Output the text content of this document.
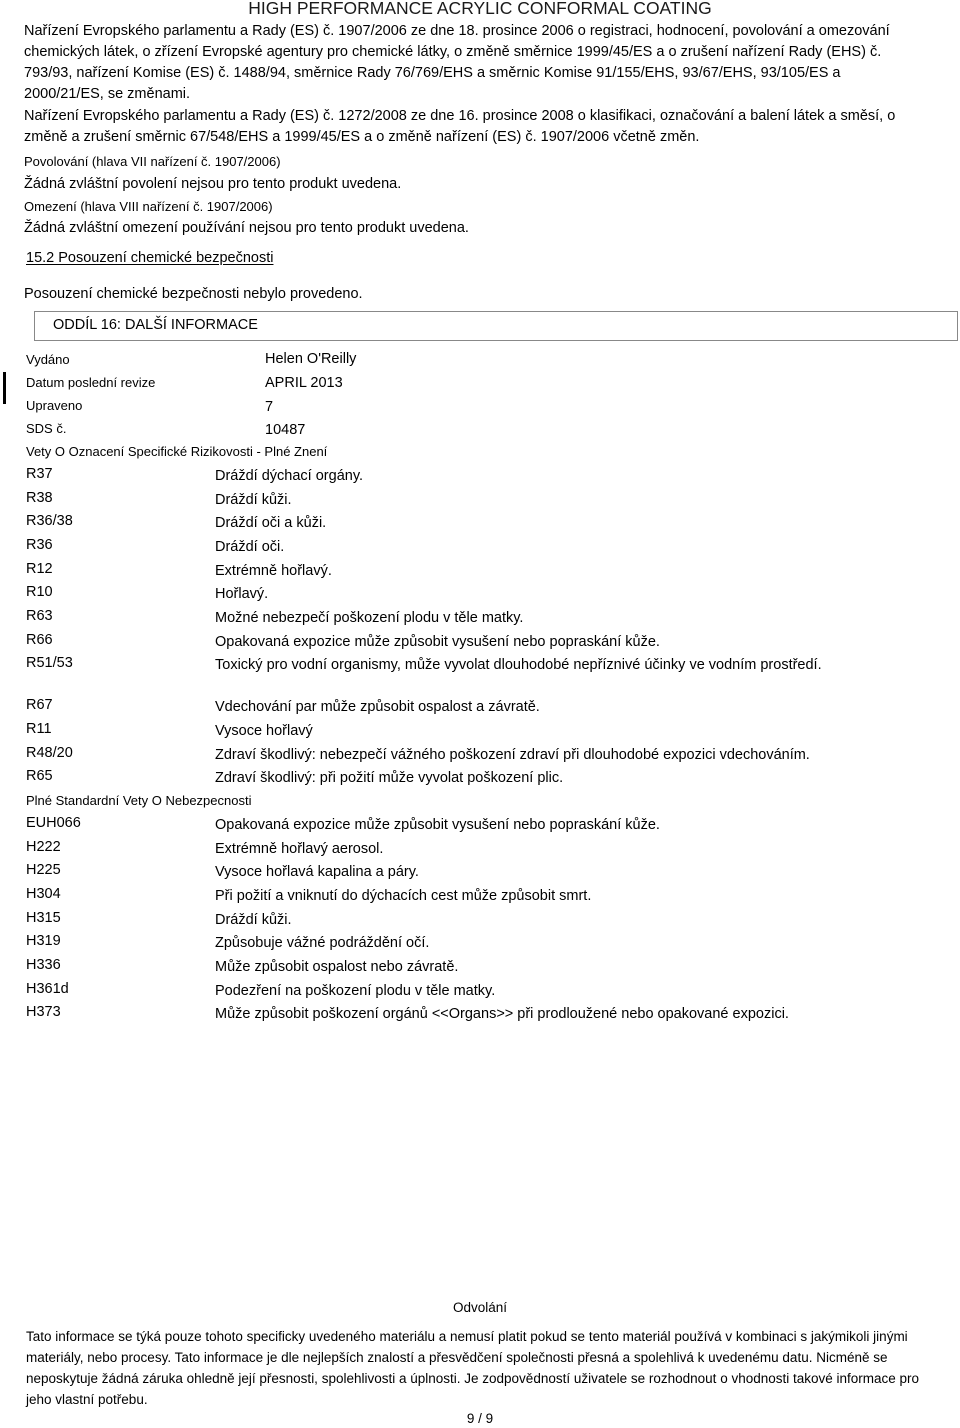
HIGH PERFORMANCE ACRYLIC CONFORMAL COATING
Nařízení Evropského parlamentu a Rady (ES) č. 1907/2006 ze dne 18. prosince 2006 o registraci, hodnocení, povolování a omezování chemických látek, o zřízení Evropské agentury pro chemické látky, o změně směrnice 1999/45/ES a o zrušení nařízení Rady (EHS) č. 793/93, nařízení Komise (ES) č. 1488/94, směrnice Rady 76/769/EHS a směrnic Komise 91/155/EHS, 93/67/EHS, 93/105/ES a 2000/21/ES, se změnami.
Nařízení Evropského parlamentu a Rady (ES) č. 1272/2008 ze dne 16. prosince 2008 o klasifikaci, označování a balení látek a směsí, o změně a zrušení směrnic 67/548/EHS a 1999/45/ES a o změně nařízení (ES) č. 1907/2006 včetně změn.
Povolování (hlava VII nařízení č. 1907/2006)
Žádná zvláštní povolení nejsou pro tento produkt uvedena.
Omezení (hlava VIII nařízení č. 1907/2006)
Žádná zvláštní omezení používání nejsou pro tento produkt uvedena.
15.2 Posouzení chemické bezpečnosti
Posouzení chemické bezpečnosti nebylo provedeno.
ODDÍL 16: DALŠÍ INFORMACE
Vydáno	Helen O'Reilly
Datum poslední revize	APRIL 2013
Upraveno	7
SDS č.	10487
Vety O Oznacení Specifické Rizikovosti - Plné Znení
R37	Dráždí dýchací orgány.
R38	Dráždí kůži.
R36/38	Dráždí oči a kůži.
R36	Dráždí oči.
R12	Extrémně hořlavý.
R10	Hořlavý.
R63	Možné nebezpečí poškození plodu v těle matky.
R66	Opakovaná expozice může způsobit vysušení nebo popraskání kůže.
R51/53	Toxický pro vodní organismy, může vyvolat dlouhodobé nepříznivé účinky ve vodním prostředí.
R67	Vdechování par může způsobit ospalost a závratě.
R11	Vysoce hořlavý
R48/20	Zdraví škodlivý: nebezpečí vážného poškození zdraví při dlouhodobé expozici vdechováním.
R65	Zdraví škodlivý: při požití může vyvolat poškození plic.
Plné Standardní Vety O Nebezpecnosti
EUH066	Opakovaná expozice může způsobit vysušení nebo popraskání kůže.
H222	Extrémně hořlavý aerosol.
H225	Vysoce hořlavá kapalina a páry.
H304	Při požití a vniknutí do dýchacích cest může způsobit smrt.
H315	Dráždí kůži.
H319	Způsobuje vážné podráždění očí.
H336	Může způsobit ospalost nebo závratě.
H361d	Podezření na poškození plodu v těle matky.
H373	Může způsobit poškození orgánů <<Organs>> při prodloužené nebo opakované expozici.
Odvolání
Tato informace se týká pouze tohoto specificky uvedeného materiálu a nemusí platit pokud se tento materiál používá v kombinaci s jakýmikoli jinými materiály, nebo procesy. Tato informace je dle nejlepších znalostí a přesvědčení společnosti přesná a spolehlivá k uvedenému datu. Nicméně se neposkytuje žádná záruka ohledně její přesnosti, spolehlivosti a úplnosti. Je zodpovědností uživatele se rozhodnout o vhodnosti takové informace pro jeho vlastní potřebu.
9 / 9
